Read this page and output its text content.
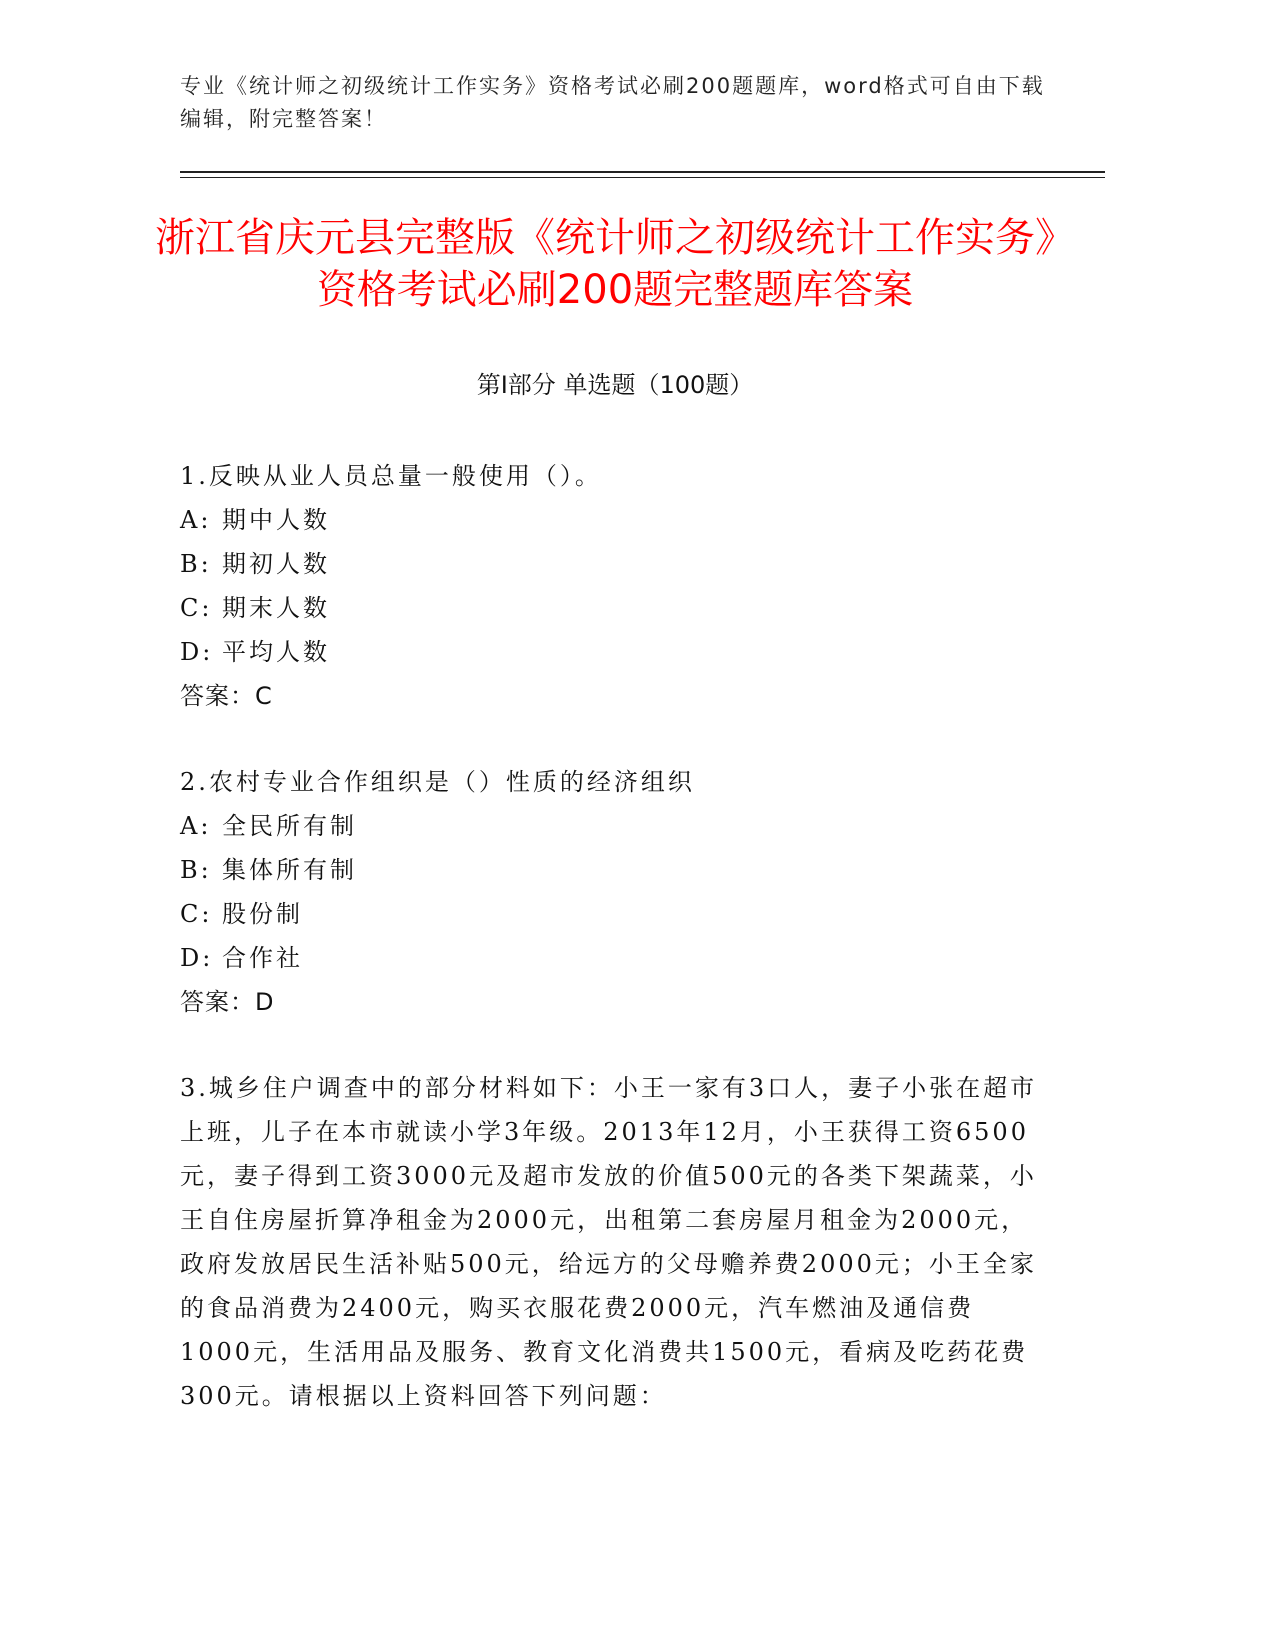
专业《统计师之初级统计工作实务》资格考试必刷200题题库，word格式可自由下载编辑，附完整答案！
浙江省庆元县完整版《统计师之初级统计工作实务》资格考试必刷200题完整题库答案
第Ⅰ部分 单选题（100题）
1.反映从业人员总量一般使用（）。
A: 期中人数
B: 期初人数
C: 期末人数
D: 平均人数
答案：C
2.农村专业合作组织是（）性质的经济组织
A: 全民所有制
B: 集体所有制
C: 股份制
D: 合作社
答案：D
3.城乡住户调查中的部分材料如下：小王一家有3口人，妻子小张在超市上班，儿子在本市就读小学3年级。2013年12月，小王获得工资6500元，妻子得到工资3000元及超市发放的价值500元的各类下架蔬菜，小王自住房屋折算净租金为2000元，出租第二套房屋月租金为2000元，政府发放居民生活补贴500元，给远方的父母赡养费2000元；小王全家的食品消费为2400元，购买衣服花费2000元，汽车燃油及通信费1000元，生活用品及服务、教育文化消费共1500元，看病及吃药花费300元。请根据以上资料回答下列问题：
